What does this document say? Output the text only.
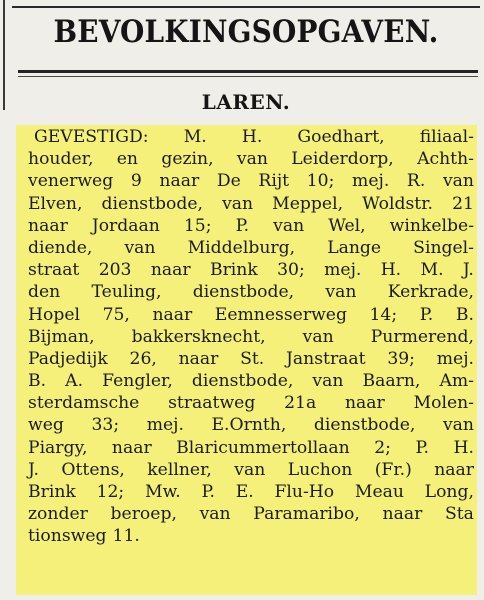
BEVOLKINGSOPGAVEN.
LAREN.
GEVESTIGD: M. H. Goedhart, filiaal-
houder, en gezin, van Leiderdorp, Achth-
venerweg 9 naar De Rijt 10; mej. R. van
Elven, dienstbode, van Meppel, Woldstr. 21
naar Jordaan 15; P. van Wel, winkelbe-
diende, van Middelburg, Lange Singel-
straat 203 naar Brink 30; mej. H. M. J.
den Teuling, dienstbode, van Kerkrade,
Hopel 75, naar Eemnesserweg 14; P. B.
Bijman, bakkersknecht, van Purmerend,
Padjedijk 26, naar St. Janstraat 39; mej.
B. A. Fengler, dienstbode, van Baarn, Am-
sterdamsche straatweg 21a naar Molen-
weg 33; mej. E.Ornth, dienstbode, van
Piargy, naar Blaricummertollaan 2; P. H.
J. Ottens, kellner, van Luchon (Fr.) naar
Brink 12; Mw. P. E. Flu-Ho Meau Long,
zonder beroep, van Paramaribo, naar Sta
tionsweg 11.
